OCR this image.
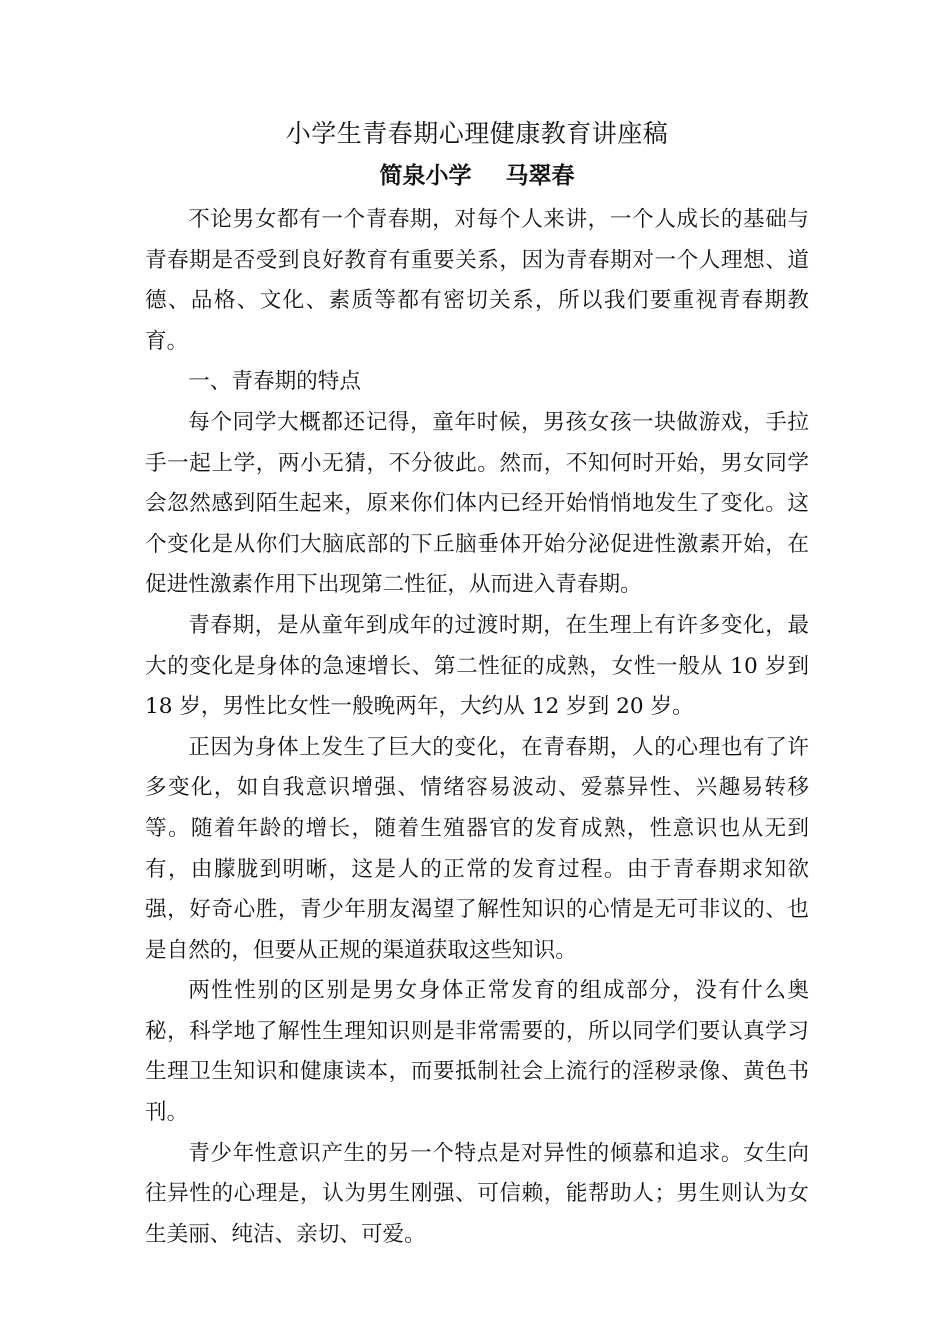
小学生青春期心理健康教育讲座稿

简泉小学 马翠春

不论男女都有一个青春期，对每个人来讲，一个人成长的基础与青春期是否受到良好教育有重要关系，因为青春期对一个人理想、道德、品格、文化、素质等都有密切关系，所以我们要重视青春期教育。

一、青春期的特点

每个同学大概都还记得，童年时候，男孩女孩一块做游戏，手拉手一起上学，两小无猜，不分彼此。然而，不知何时开始，男女同学会忽然感到陌生起来，原来你们体内已经开始悄悄地发生了变化。这个变化是从你们大脑底部的下丘脑垂体开始分泌促进性激素开始，在促进性激素作用下出现第二性征，从而进入青春期。

青春期，是从童年到成年的过渡时期，在生理上有许多变化，最大的变化是身体的急速增长、第二性征的成熟，女性一般从 10 岁到 18 岁，男性比女性一般晚两年，大约从 12 岁到 20 岁。

正因为身体上发生了巨大的变化，在青春期，人的心理也有了许多变化，如自我意识增强、情绪容易波动、爱慕异性、兴趣易转移等。随着年龄的增长，随着生殖器官的发育成熟，性意识也从无到有，由朦胧到明晰，这是人的正常的发育过程。由于青春期求知欲强，好奇心胜，青少年朋友渴望了解性知识的心情是无可非议的、也是自然的，但要从正规的渠道获取这些知识。

两性性别的区别是男女身体正常发育的组成部分，没有什么奥秘，科学地了解性生理知识则是非常需要的，所以同学们要认真学习生理卫生知识和健康读本，而要抵制社会上流行的淫秽录像、黄色书刊。

青少年性意识产生的另一个特点是对异性的倾慕和追求。女生向往异性的心理是，认为男生刚强、可信赖，能帮助人；男生则认为女生美丽、纯洁、亲切、可爱。
